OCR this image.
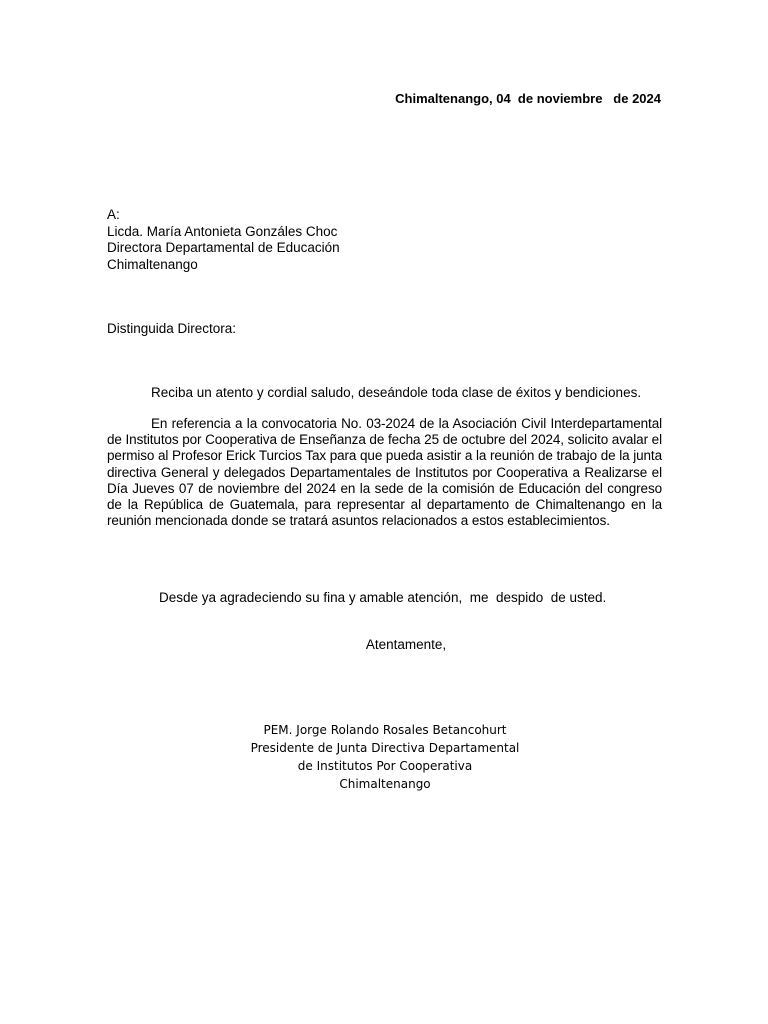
Chimaltenango, 04  de noviembre   de 2024
A:
Licda. María Antonieta Gonzáles Choc
Directora Departamental de Educación
Chimaltenango
Distinguida Directora:
Reciba un atento y cordial saludo, deseándole toda clase de éxitos y bendiciones.
En referencia a la convocatoria No. 03-2024 de la Asociación Civil Interdepartamental de Institutos por Cooperativa de Enseñanza de fecha 25 de octubre del 2024, solicito avalar el permiso al Profesor Erick Turcios Tax para que pueda asistir a la reunión de trabajo de la junta directiva General y delegados Departamentales de Institutos por Cooperativa a Realizarse el Día Jueves 07 de noviembre del 2024 en la sede de la comisión de Educación del congreso de la República de Guatemala, para representar al departamento de Chimaltenango en la reunión mencionada donde se tratará asuntos relacionados a estos establecimientos.
Desde ya agradeciendo su fina y amable atención,  me  despido  de usted.
Atentamente,
PEM. Jorge Rolando Rosales Betancohurt
Presidente de Junta Directiva Departamental
de Institutos Por Cooperativa
Chimaltenango
